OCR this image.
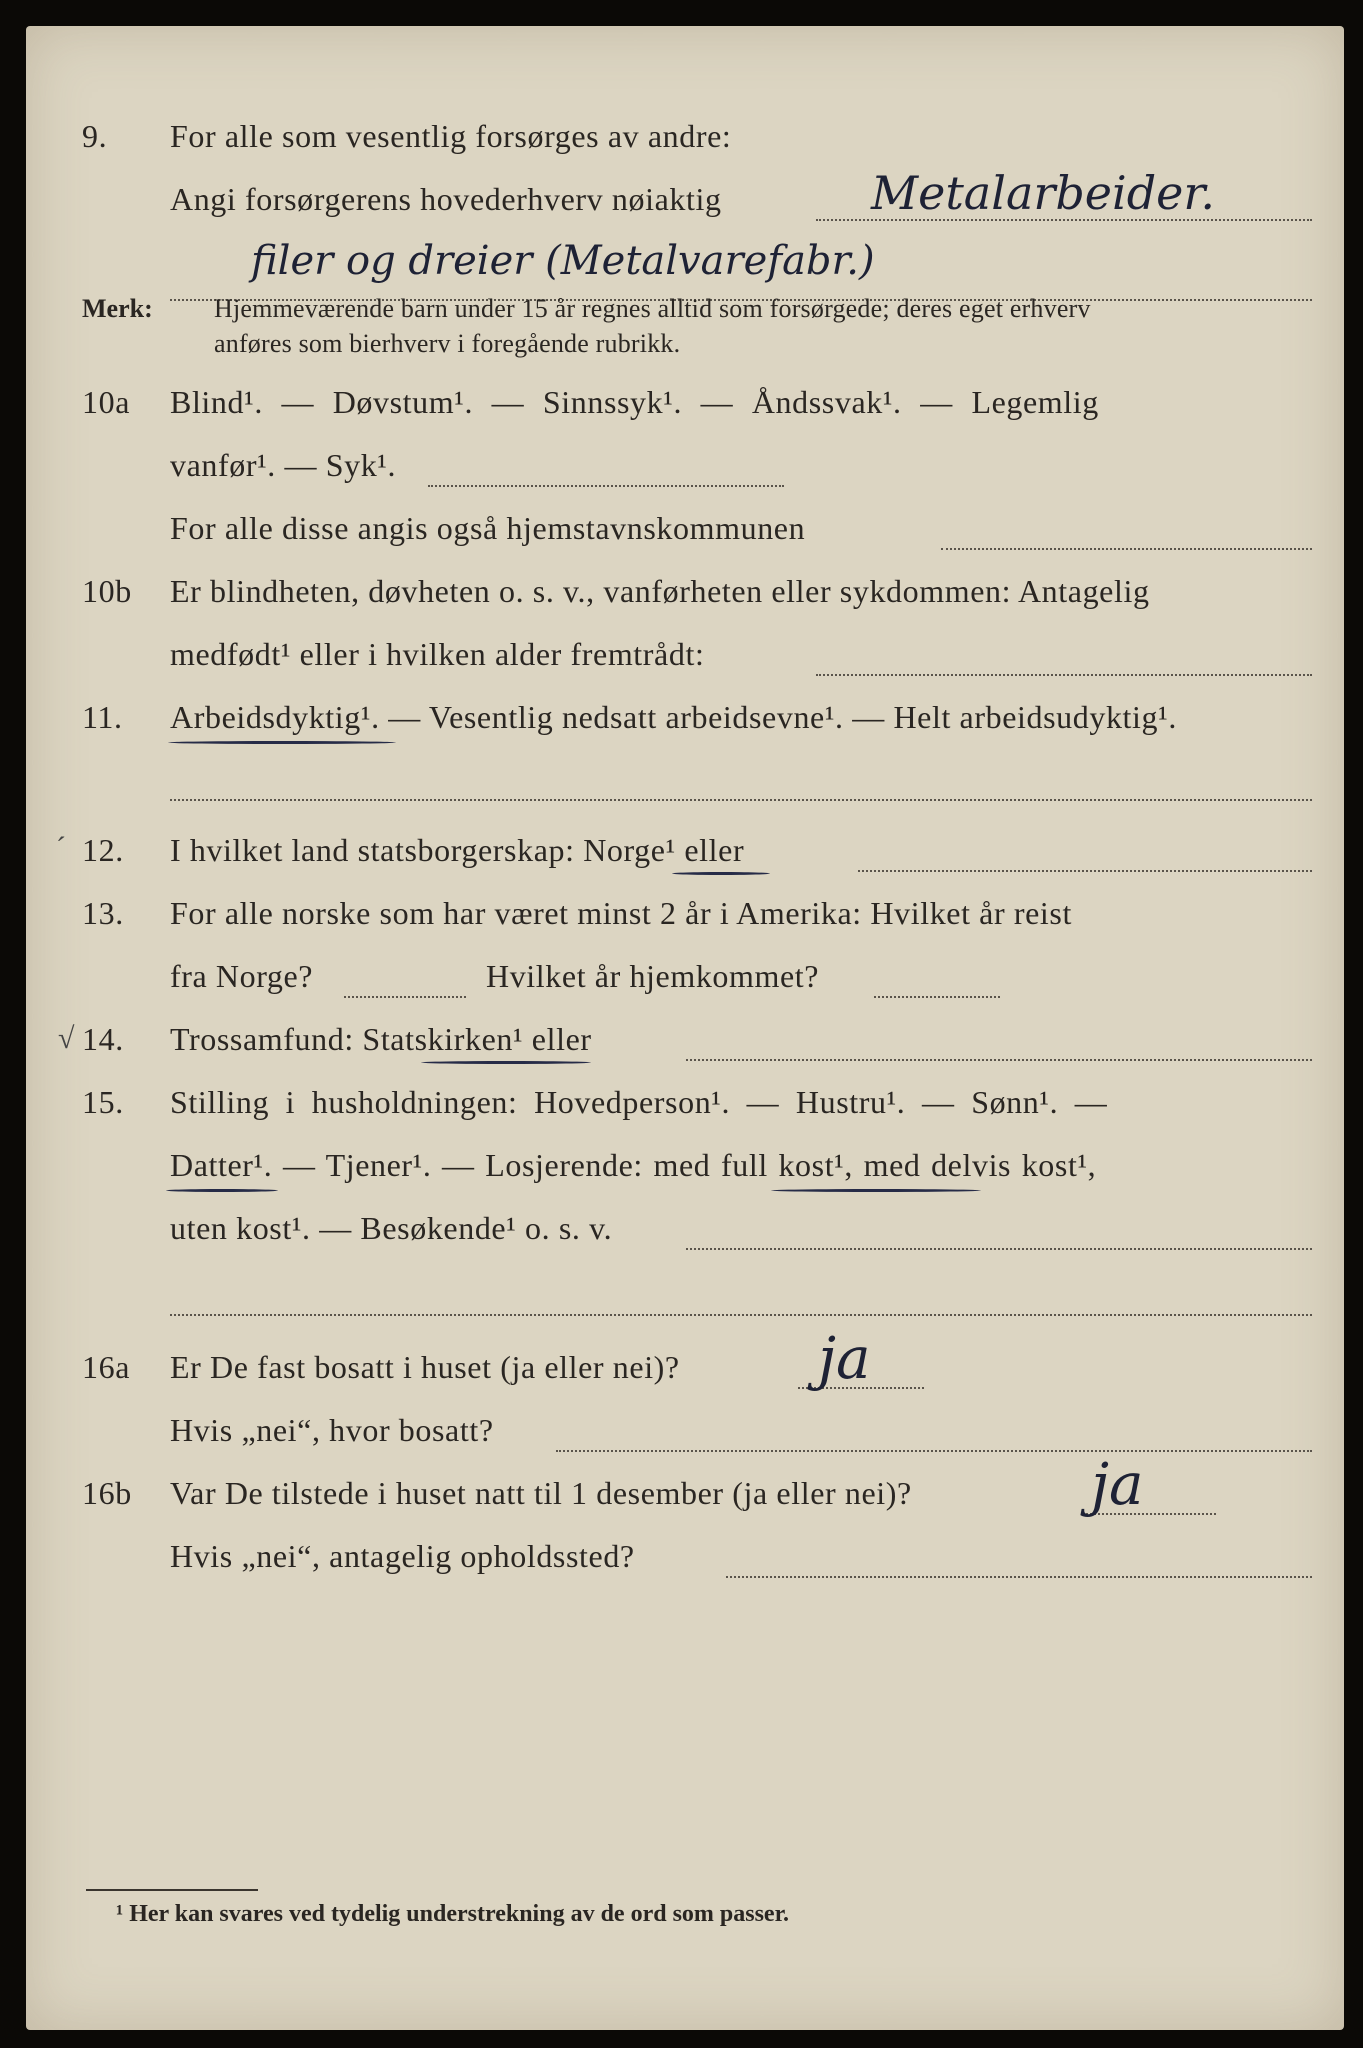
9.	For alle som vesentlig forsørges av andre:
Angi forsørgerens hovederhverv nøiaktig	Metalarbeider.
filer og dreier (Metalvarefabr.)
Merk: Hjemmeværende barn under 15 år regnes alltid som forsørgede; deres eget erhverv
anføres som bierhverv i foregående rubrikk.
10a	Blind¹. — Døvstum¹. — Sinnssyk¹. — Åndssvak¹. — Legemlig
vanfør¹. — Syk¹.
For alle disse angis også hjemstavnskommunen
10b	Er blindheten, døvheten o. s. v., vanførheten eller sykdommen: Antagelig
medfødt¹ eller i hvilken alder fremtrådt:
11.	Arbeidsdyktig¹. — Vesentlig nedsatt arbeidsevne¹. — Helt arbeidsudyktig¹.
12.	I hvilket land statsborgerskap: Norge¹ eller
13.	For alle norske som har været minst 2 år i Amerika: Hvilket år reist
fra Norge?	Hvilket år hjemkommet?
14.	Trossamfund: Statskirken¹ eller
15.	Stilling i husholdningen: Hovedperson¹. — Hustru¹. — Sønn¹. —
Datter¹. — Tjener¹. — Losjerende: med full kost¹, med delvis kost¹,
uten kost¹. — Besøkende¹ o. s. v.
16a	Er De fast bosatt i huset (ja eller nei)? ja
Hvis „nei“, hvor bosatt?
16b	Var De tilstede i huset natt til 1 desember (ja eller nei)?	ja
Hvis „nei“, antagelig opholdssted?
ˊ
√
¹ Her kan svares ved tydelig understrekning av de ord som passer.
